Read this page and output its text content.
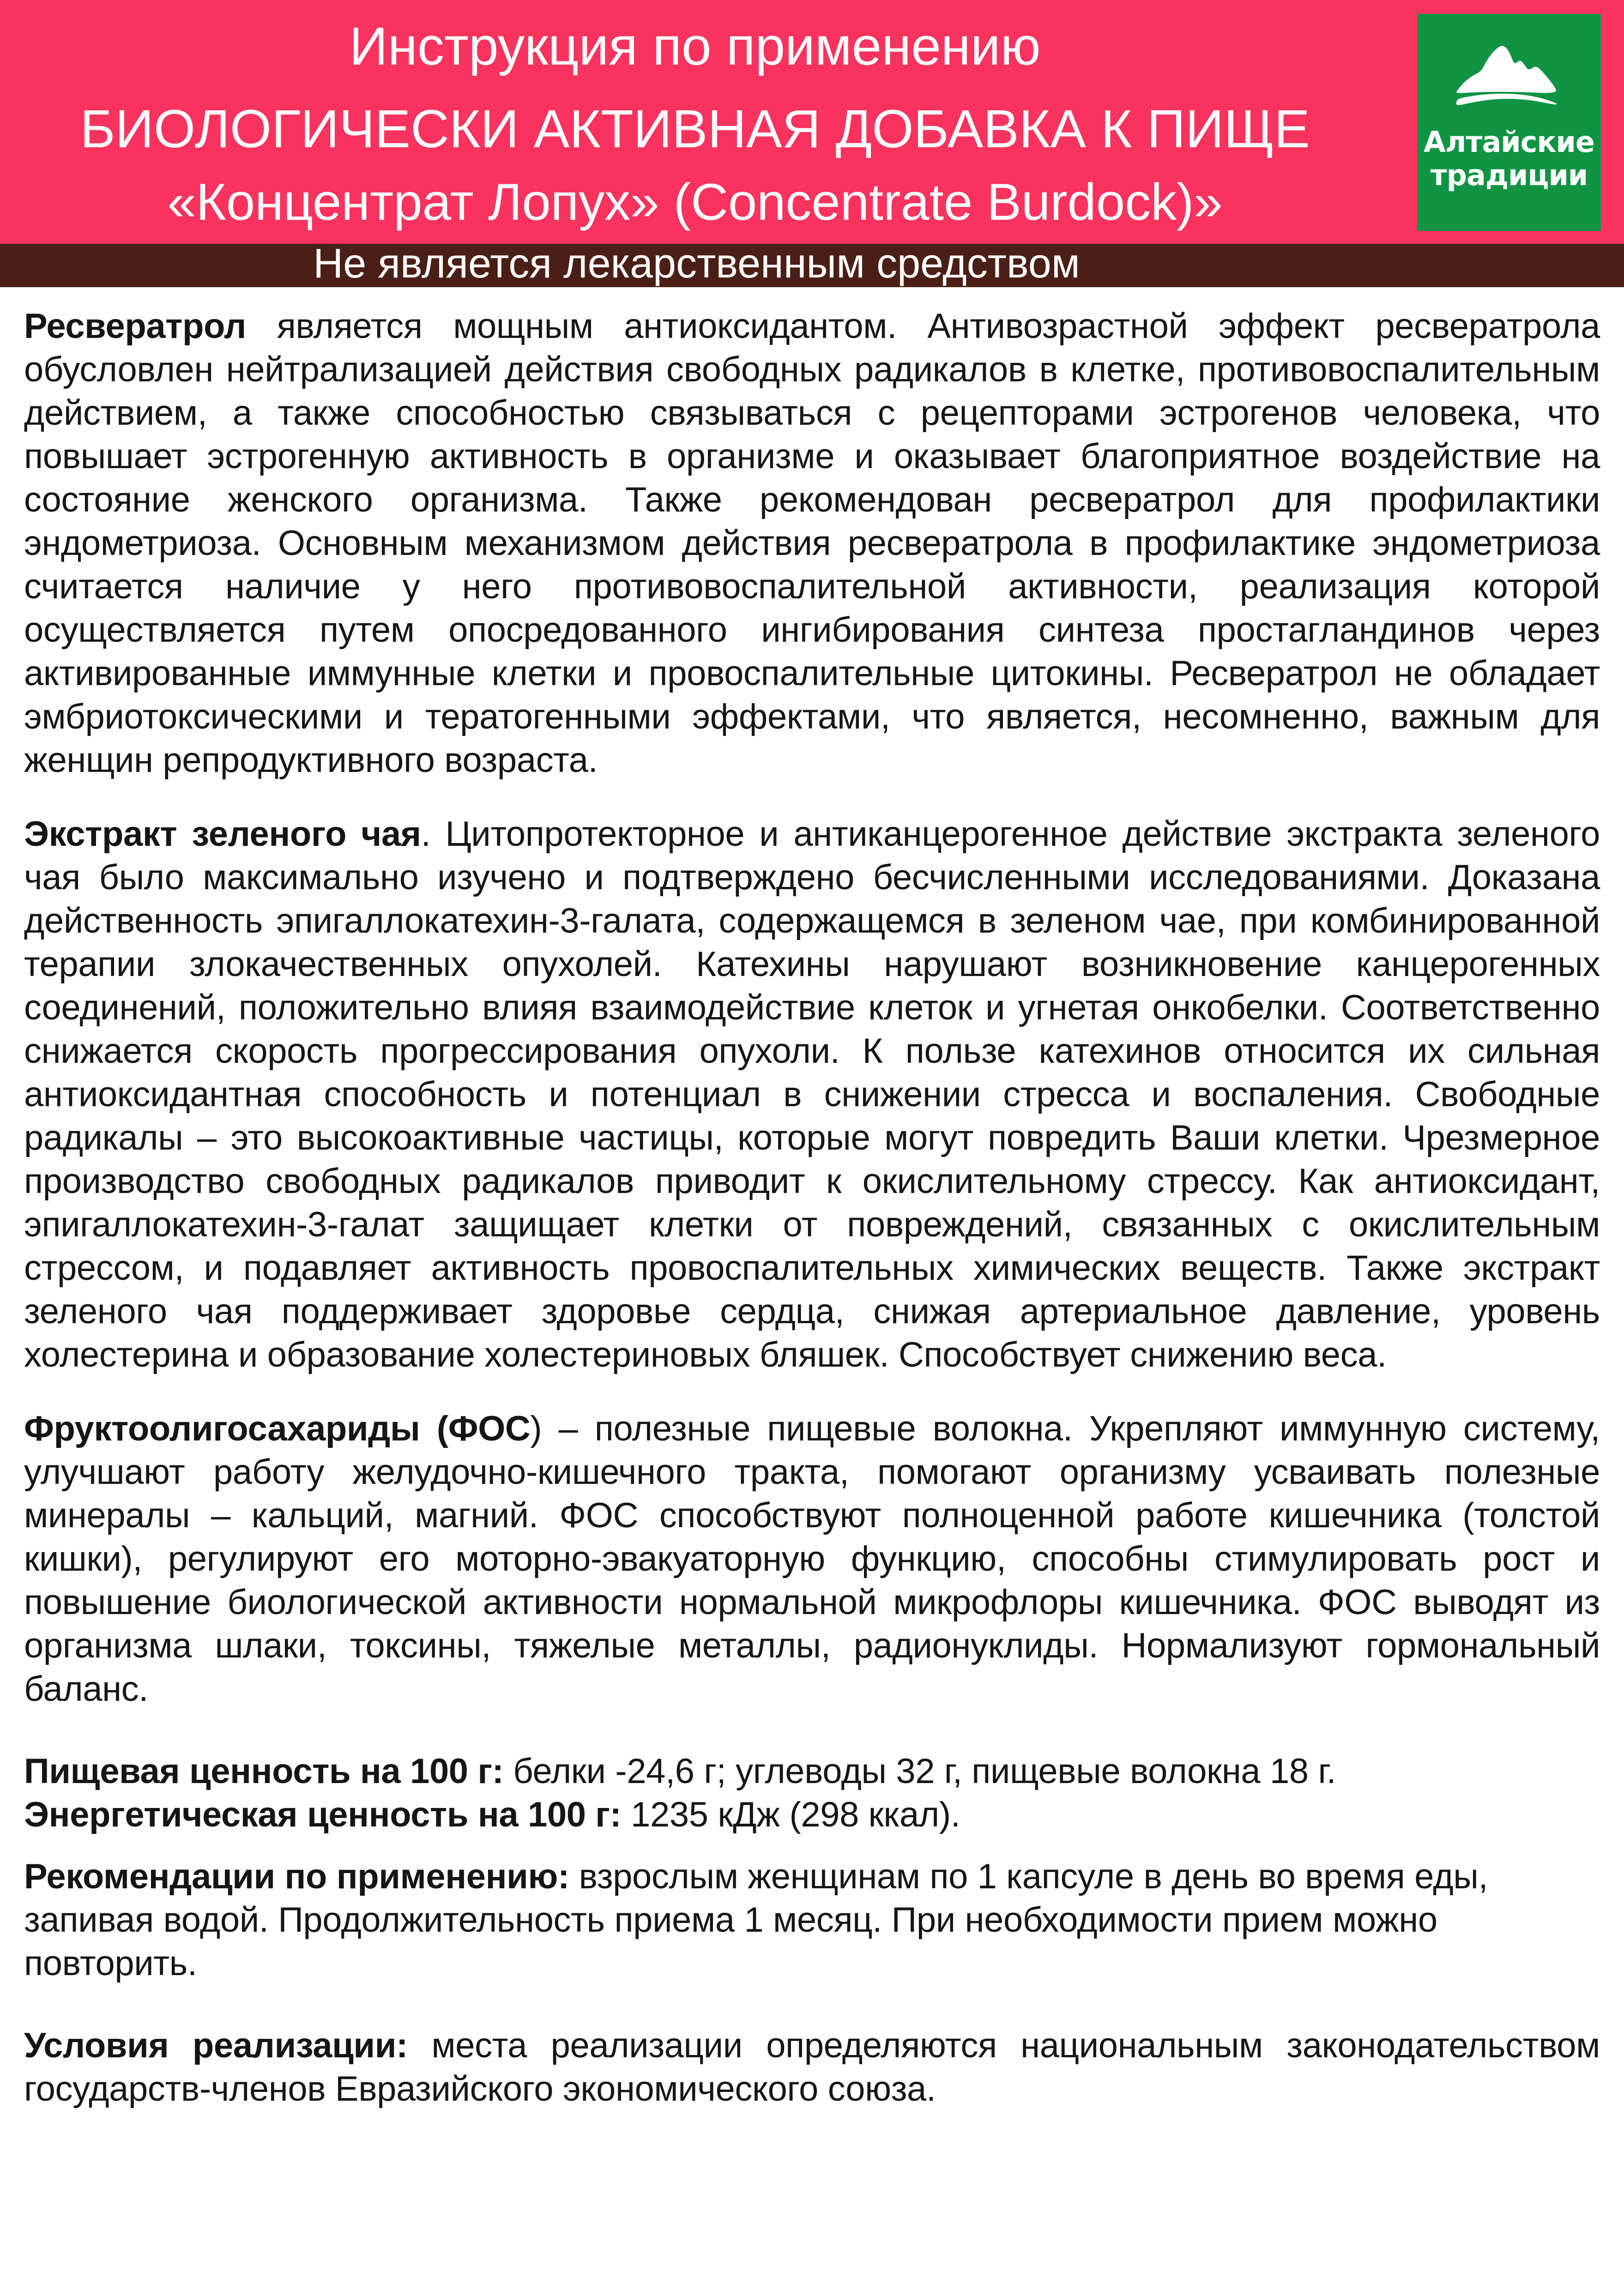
Инструкция по применению
БИОЛОГИЧЕСКИ АКТИВНАЯ ДОБАВКА К ПИЩЕ
«Концентрат Лопух» (Concentrate Burdock)»
Алтайские
традиции
Не является лекарственным средством

Ресвератрол является мощным антиоксидантом. Антивозрастной эффект ресвератрола обусловлен нейтрализацией действия свободных радикалов в клетке, противовоспалительным действием, а также способностью связываться с рецепторами эстрогенов человека, что повышает эстрогенную активность в организме и оказывает благоприятное воздействие на состояние женского организма. Также рекомендован ресвератрол для профилактики эндометриоза. Основным механизмом действия ресвератрола в профилактике эндометриоза считается наличие у него противовоспалительной активности, реализация которой осуществляется путем опосредованного ингибирования синтеза простагландинов через активированные иммунные клетки и провоспалительные цитокины. Ресвератрол не обладает эмбриотоксическими и тератогенными эффектами, что является, несомненно, важным для женщин репродуктивного возраста.

Экстракт зеленого чая. Цитопротекторное и антиканцерогенное действие экстракта зеленого чая было максимально изучено и подтверждено бесчисленными исследованиями. Доказана действенность эпигаллокатехин-3-галата, содержащемся в зеленом чае, при комбинированной терапии злокачественных опухолей. Катехины нарушают возникновение канцерогенных соединений, положительно влияя взаимодействие клеток и угнетая онкобелки. Соответственно снижается скорость прогрессирования опухоли. К пользе катехинов относится их сильная антиоксидантная способность и потенциал в снижении стресса и воспаления. Свободные радикалы – это высокоактивные частицы, которые могут повредить Ваши клетки. Чрезмерное производство свободных радикалов приводит к окислительному стрессу. Как антиоксидант, эпигаллокатехин-3-галат защищает клетки от повреждений, связанных с окислительным стрессом, и подавляет активность провоспалительных химических веществ. Также экстракт зеленого чая поддерживает здоровье сердца, снижая артериальное давление, уровень холестерина и образование холестериновых бляшек. Способствует снижению веса.

Фруктоолигосахариды (ФОС) – полезные пищевые волокна. Укрепляют иммунную систему, улучшают работу желудочно-кишечного тракта, помогают организму усваивать полезные минералы – кальций, магний. ФОС способствуют полноценной работе кишечника (толстой кишки), регулируют его моторно-эвакуаторную функцию, способны стимулировать рост и повышение биологической активности нормальной микрофлоры кишечника. ФОС выводят из организма шлаки, токсины, тяжелые металлы, радионуклиды. Нормализуют гормональный баланс.

Пищевая ценность на 100 г: белки -24,6 г; углеводы 32 г, пищевые волокна 18 г.

Энергетическая ценность на 100 г: 1235 кДж (298 ккал).

Рекомендации по применению: взрослым женщинам по 1 капсуле в день во время еды, запивая водой. Продолжительность приема 1 месяц. При необходимости прием можно повторить.

Условия реализации: места реализации определяются национальным законодательством государств-членов Евразийского экономического союза.
